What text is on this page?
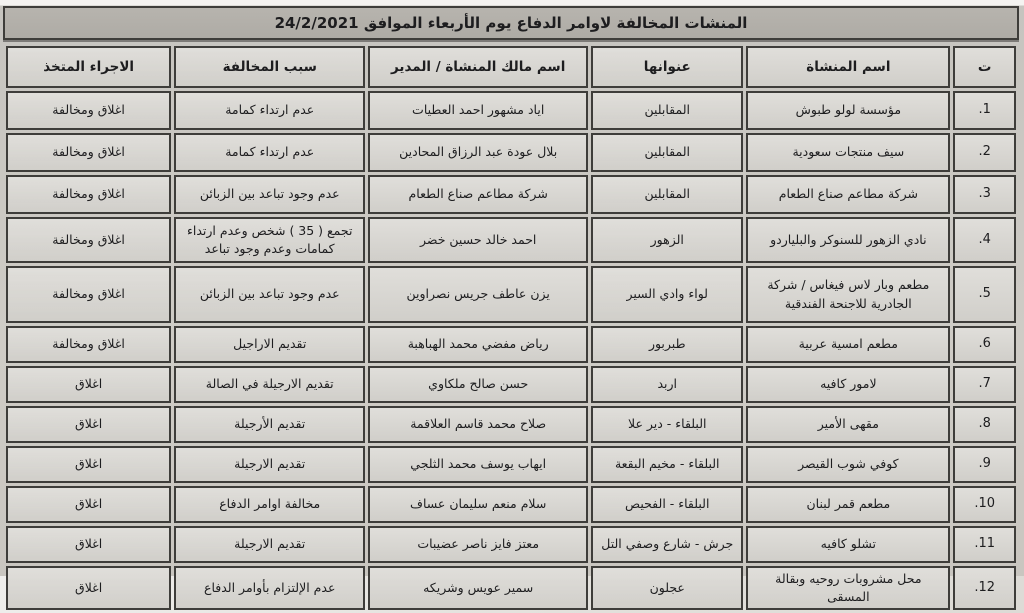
المنشات المخالفة لاوامر الدفاع يوم الأربعاء الموافق 24/2/2021
ت	اسم المنشاة	عنوانها	اسم مالك المنشاة / المدير	سبب المخالفة	الاجراء المتخذ
.1	مؤسسة لولو طبوش	المقابلين	اياد مشهور احمد العطيات	عدم ارتداء كمامة	اغلاق ومخالفة
.2	سيف منتجات سعودية	المقابلين	بلال عودة عبد الرزاق المحادين	عدم ارتداء كمامة	اغلاق ومخالفة
.3	شركة مطاعم صناع الطعام	المقابلين	شركة مطاعم صناع الطعام	عدم وجود تباعد بين الزبائن	اغلاق ومخالفة
.4	نادي الزهور للسنوكر والبلياردو	الزهور	احمد خالد حسين خضر	تجمع ( 35 ) شخص وعدم ارتداء كمامات وعدم وجود تباعد	اغلاق ومخالفة
.5	مطعم وبار لاس فيغاس / شركة الجادرية للاجنحة الفندقية	لواء وادي السير	يزن عاطف جريس نصراوين	عدم وجود تباعد بين الزبائن	اغلاق ومخالفة
.6	مطعم امسية عربية	طبربور	رياض مفضي محمد الهباهبة	تقديم الاراجيل	اغلاق ومخالفة
.7	لامور كافيه	اربد	حسن صالح ملكاوي	تقديم الارجيلة في الصالة	اغلاق
.8	مقهى الأمير	البلقاء - دير علا	صلاح محمد قاسم العلاقمة	تقديم الأرجيلة	اغلاق
.9	كوفي شوب القيصر	البلقاء - مخيم البقعة	ايهاب يوسف محمد الثلجي	تقديم الارجيلة	اغلاق
.10	مطعم قمر لبنان	البلقاء - الفحيص	سلام منعم سليمان عساف	مخالفة اوامر الدفاع	اغلاق
.11	تشلو كافيه	جرش - شارع وصفي التل	معتز فايز ناصر عضيبات	تقديم الارجيلة	اغلاق
.12	محل مشروبات روحيه وبقالة المسقى	عجلون	سمير عويس وشريكه	عدم الإلتزام بأوامر الدفاع	اغلاق
